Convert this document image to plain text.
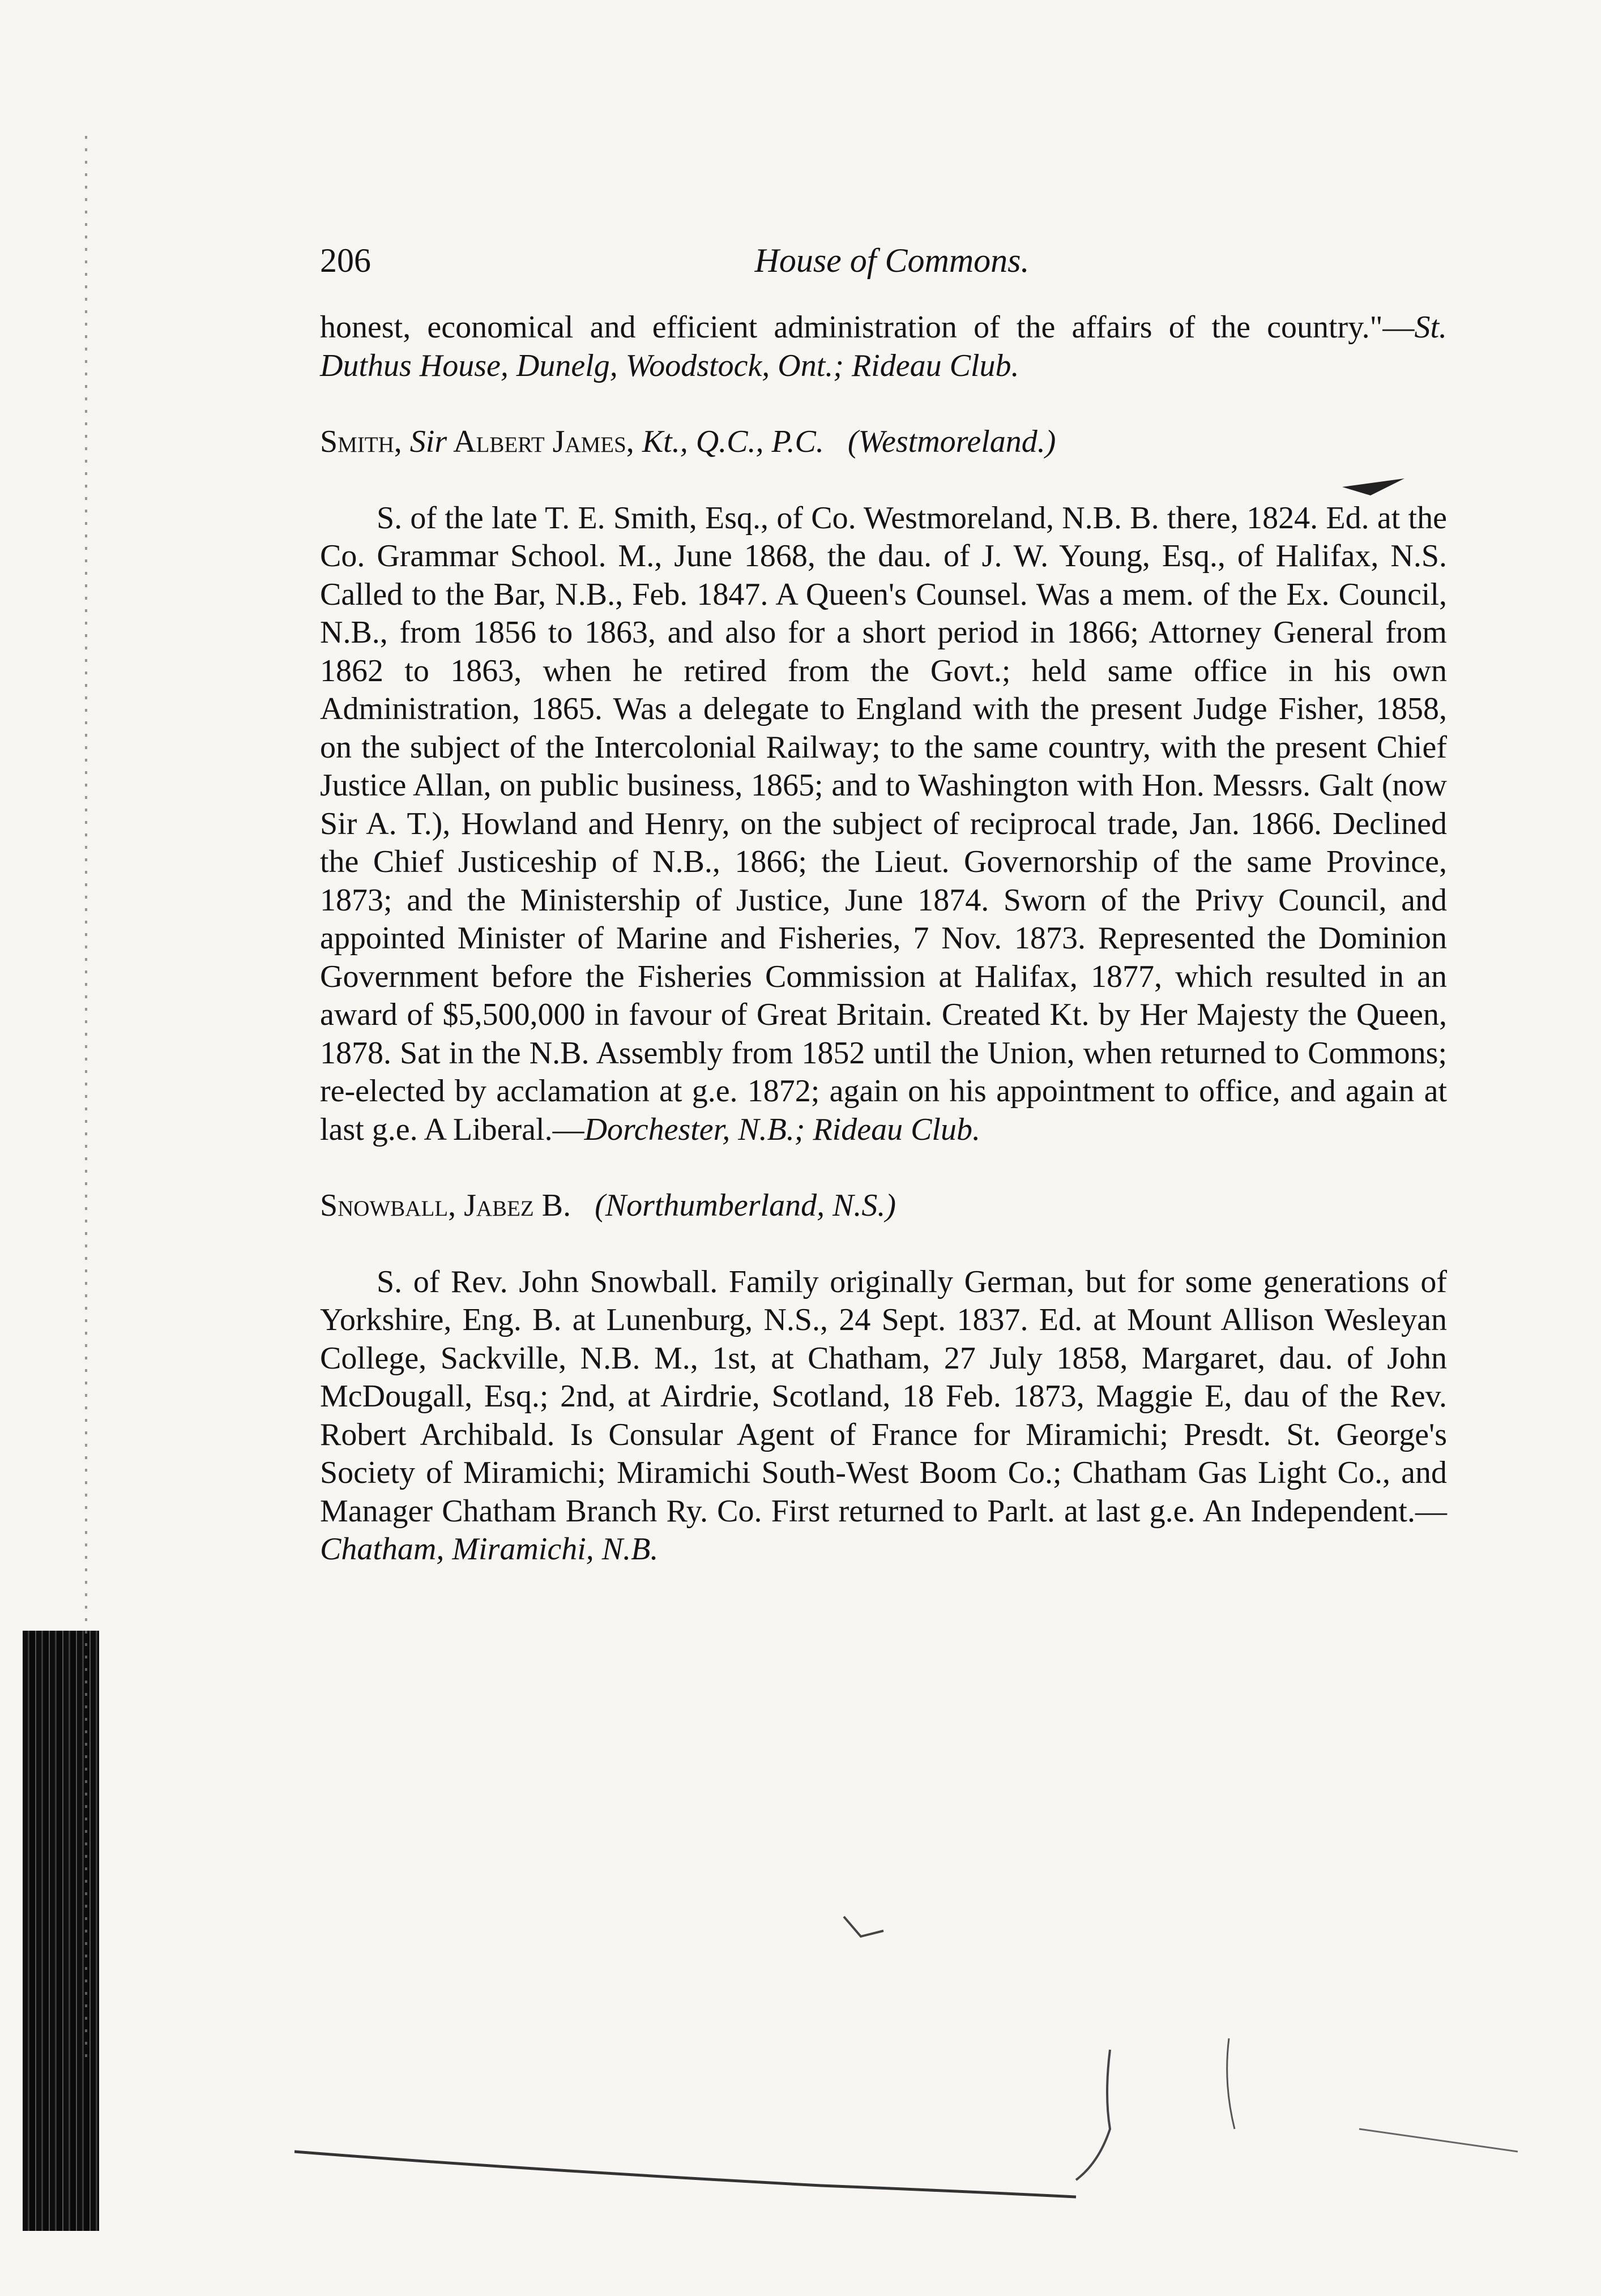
206	House of Commons.

honest, economical and efficient administration of the affairs of the country."—St. Duthus House, Dunelg, Woodstock, Ont.; Rideau Club.

Smith, Sir Albert James, Kt., Q.C., P.C. (Westmoreland.)

S. of the late T. E. Smith, Esq., of Co. Westmoreland, N.B. B. there, 1824. Ed. at the Co. Grammar School. M., June 1868, the dau. of J. W. Young, Esq., of Halifax, N.S. Called to the Bar, N.B., Feb. 1847. A Queen's Counsel. Was a mem. of the Ex. Council, N.B., from 1856 to 1863, and also for a short period in 1866; Attorney General from 1862 to 1863, when he retired from the Govt.; held same office in his own Administration, 1865. Was a delegate to England with the present Judge Fisher, 1858, on the subject of the Intercolonial Railway; to the same country, with the present Chief Justice Allan, on public business, 1865; and to Washington with Hon. Messrs. Galt (now Sir A. T.), Howland and Henry, on the subject of reciprocal trade, Jan. 1866. Declined the Chief Justiceship of N.B., 1866; the Lieut. Governorship of the same Province, 1873; and the Ministership of Justice, June 1874. Sworn of the Privy Council, and appointed Minister of Marine and Fisheries, 7 Nov. 1873. Represented the Dominion Government before the Fisheries Commission at Halifax, 1877, which resulted in an award of $5,500,000 in favour of Great Britain. Created Kt. by Her Majesty the Queen, 1878. Sat in the N.B. Assembly from 1852 until the Union, when returned to Commons; re-elected by acclamation at g.e. 1872; again on his appointment to office, and again at last g.e. A Liberal.—Dorchester, N.B.; Rideau Club.

Snowball, Jabez B. (Northumberland, N.S.)

S. of Rev. John Snowball. Family originally German, but for some generations of Yorkshire, Eng. B. at Lunenburg, N.S., 24 Sept. 1837. Ed. at Mount Allison Wesleyan College, Sackville, N.B. M., 1st, at Chatham, 27 July 1858, Margaret, dau. of John McDougall, Esq.; 2nd, at Airdrie, Scotland, 18 Feb. 1873, Maggie E, dau of the Rev. Robert Archibald. Is Consular Agent of France for Miramichi; Presdt. St. George's Society of Miramichi; Miramichi South-West Boom Co.; Chatham Gas Light Co., and Manager Chatham Branch Ry. Co. First returned to Parlt. at last g.e. An Independent.—Chatham, Miramichi, N.B.
